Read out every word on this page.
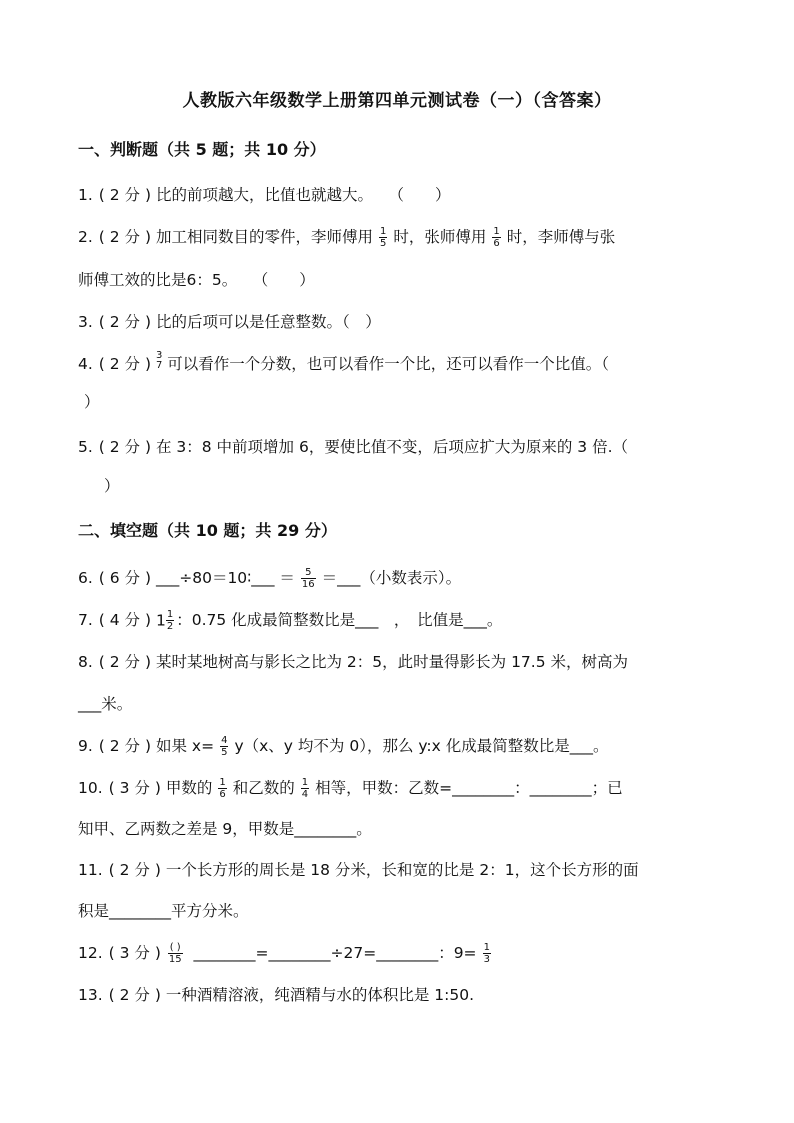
人教版六年级数学上册第四单元测试卷（一）（含答案）
一、判断题（共 5 题；共 10 分）
1. ( 2 分 ) 比的前项越大，比值也就越大。　　（　　）
2. ( 2 分 ) 加工相同数目的零件，李师傅用 $\frac{1}{5}$ 时，张师傅用 $\frac{1}{6}$ 时，李师傅与张
师傅工效的比是6：5。　　（　　）
3. ( 2 分 ) 比的后项可以是任意整数。（　）
4. ( 2 分 ) 3
7 可以看作一个分数，也可以看作一个比，还可以看作一个比值。（
）
5. ( 2 分 ) 在 3：8 中前项增加 6，要使比值不变，后项应扩大为原来的 3 倍.（
）
二、填空题（共 10 题；共 29 分）
6. ( 6 分 ) ___÷80＝10∶___ ＝ $\frac{5}{16}$ ＝___（小数表示）。
7. ( 4 分 ) $1 \frac{1}{2}$ ：0.75 化成最简整数比是___　，　比值是___。
8. ( 2 分 ) 某时某地树高与影长之比为 2：5，此时量得影长为 17.5 米，树高为
___米。
9. ( 2 分 ) 如果 $x= \frac{4}{5} y(x$、y 均不为 0），那么 y:x 化成最简整数比是___。
10. ( 3 分 ) 甲数的 $\frac{1}{6}$ 和乙数的 $\frac{1}{4}$ 相等，甲数：乙数=________：________；已
知甲、乙两数之差是 9，甲数是________。
11. ( 2 分 ) 一个长方形的周长是 18 分米，长和宽的比是 2：1，这个长方形的面
积是________平方分米。
12. ( 3 分 ) $\frac{( )}{15}$ ________=________÷27=________：$9= \frac{1}{3}$
13. ( 2 分 ) 一种酒精溶液，纯酒精与水的体积比是 1:50.
